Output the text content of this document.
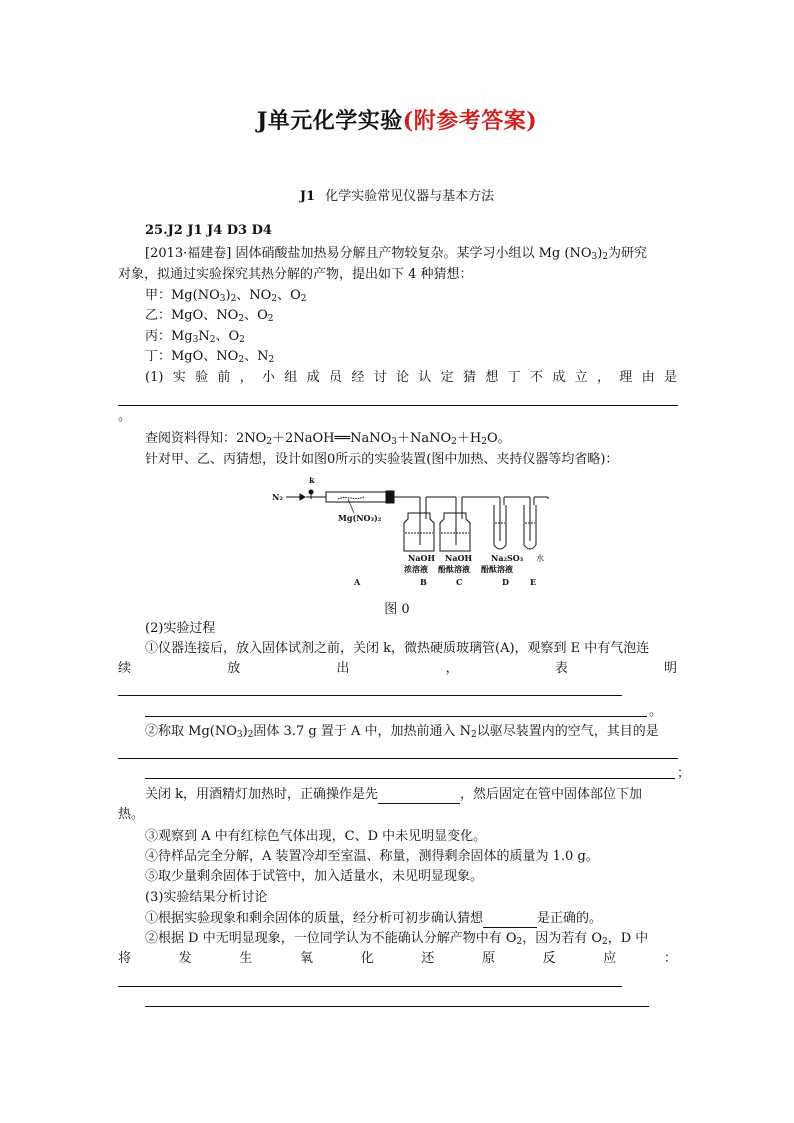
J单元化学实验(附参考答案)
J1 化学实验常见仪器与基本方法
25.J2 J1 J4 D3 D4
[2013·福建卷] 固体硝酸盐加热易分解且产物较复杂。某学习小组以 Mg $(NO_3)_2$为研究
对象，拟通过实验探究其热分解的产物，提出如下 4 种猜想：
甲：$Mg(NO_3)_2$、$NO_2$、$O_2$
乙：MgO、$NO_2$、$O_2$
丙：$Mg_3N_2$、$O_2$
丁：MgO、$NO_2$、$N_2$
(1) 实 验 前 ， 小 组 成 员 经 讨 论 认 定 猜 想 丁 不 成 立 ， 理 由 是
。
查阅资料得知：$2NO_2+2NaOH══NaNO_3+NaNO_2+H_2O$。
针对甲、乙、丙猜想，设计如图0所示的实验装置(图中加热、夹持仪器等均省略)：
N₂
k
Mg(NO₃)₂
NaOH
浓溶液
NaOH
酚酞溶液
Na₂SO₃
酚酞溶液
水
A	B	C	D	E
图 0
(2)实验过程
①仪器连接后，放入固体试剂之前，关闭 k，微热硬质玻璃管(A)，观察到 E 中有气泡连
续	放	出	，	表	明
。
②称取 $Mg(NO_3)_2$固体 3.7 g 置于 A 中，加热前通入 $N_2$以驱尽装置内的空气，其目的是
；
关闭 k，用酒精灯加热时，正确操作是先	，然后固定在管中固体部位下加
热。
③观察到 A 中有红棕色气体出现，C、D 中未见明显变化。
④待样品完全分解，A 装置冷却至室温、称量，测得剩余固体的质量为 1.0 g。
⑤取少量剩余固体于试管中，加入适量水，未见明显现象。
(3)实验结果分析讨论
①根据实验现象和剩余固体的质量，经分析可初步确认猜想	是正确的。
②根据 D 中无明显现象，一位同学认为不能确认分解产物中有 $O_2$，因为若有 $O_2$，D 中
将	发	生	氧	化	还	原	反	应	：
